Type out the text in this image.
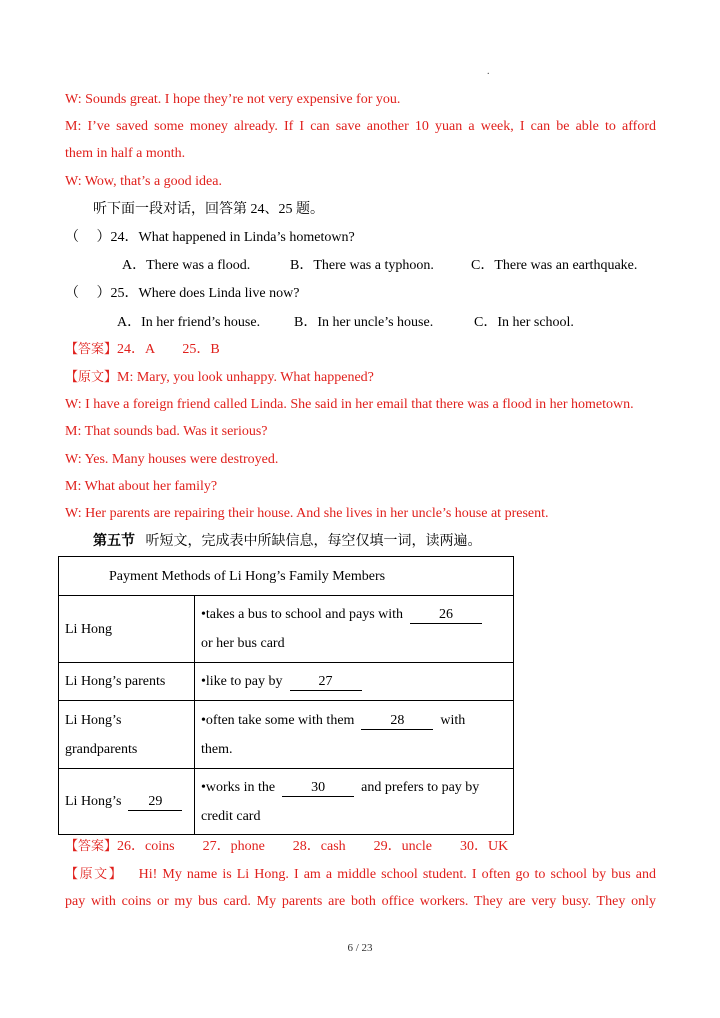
.
W: Sounds great. I hope they’re not very expensive for you.
M: I’ve saved some money already. If I can save another 10 yuan a week, I can be able to afford
them in half a month.
W: Wow, that’s a good idea.
听下面一段对话，回答第 24、25 题。
（　 ）24．What happened in Linda’s hometown?
A．There was a flood.	B．There was a typhoon.	C．There was an earthquake.
（　 ）25．Where does Linda live now?
A．In her friend’s house. B．In her uncle’s house.	C．In her school.
【答案】24．A　　25．B
【原文】M: Mary, you look unhappy. What happened?
W: I have a foreign friend called Linda. She said in her email that there was a flood in her hometown.
M: That sounds bad. Was it serious?
W: Yes. Many houses were destroyed.
M: What about her family?
W: Her parents are repairing their house. And she lives in her uncle’s house at present.
第五节 听短文，完成表中所缺信息，每空仅填一词，读两遍。
Payment Methods of Li Hong’s Family Members	
Li Hong	•takes a bus to school and pays with 26
or her bus card
Li Hong’s parents	•like to pay by 27
Li Hong’s
grandparents	•often take some with them 28 with
them.
Li Hong’s 29	•works in the 30 and prefers to pay by
credit card
【答案】26．coins　　27．phone　　28．cash　　29．uncle　　30．UK
【原文】 Hi! My name is Li Hong. I am a middle school student. I often go to school by bus and
pay with coins or my bus card. My parents are both office workers. They are very busy. They only
6 / 23
